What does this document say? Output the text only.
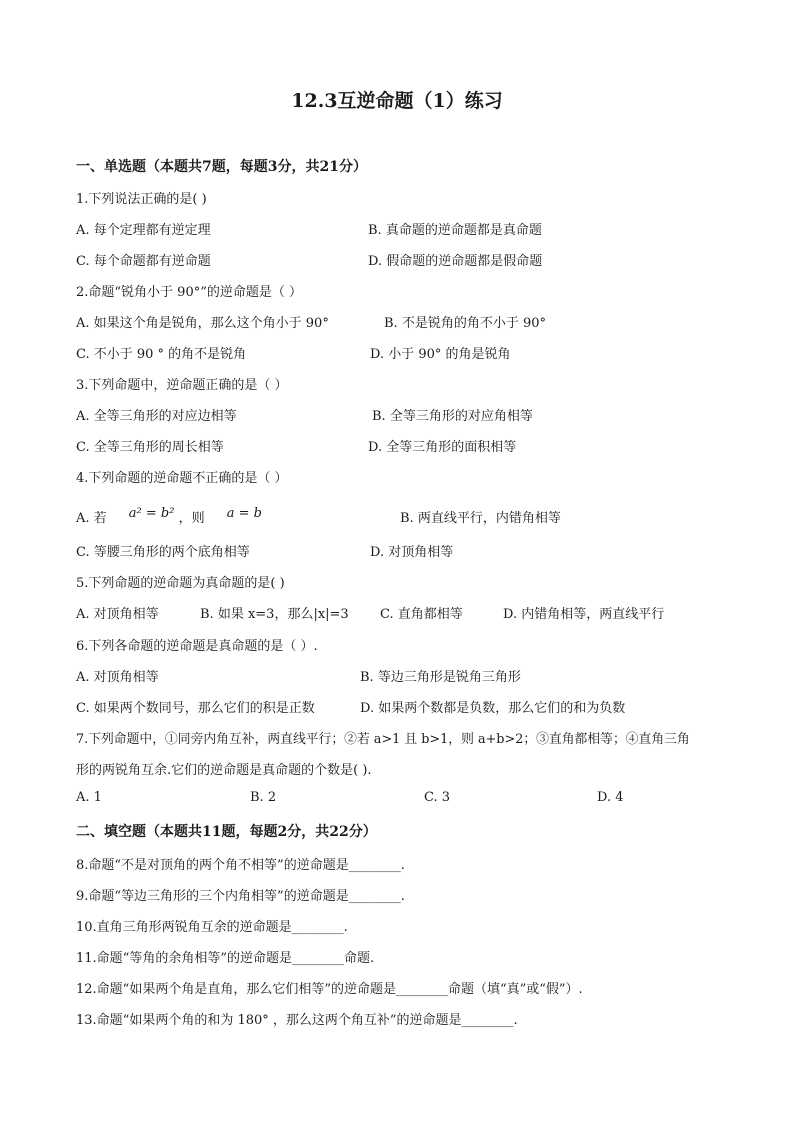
12.3互逆命题（1）练习
一、单选题（本题共7题，每题3分，共21分）
1.下列说法正确的是( )
A. 每个定理都有逆定理	B. 真命题的逆命题都是真命题
C. 每个命题都有逆命题	D. 假命题的逆命题都是假命题
2.命题“锐角小于 90°”的逆命题是（ ）
A. 如果这个角是锐角，那么这个角小于 90°	B. 不是锐角的角不小于 90°
C. 不小于 90 ° 的角不是锐角	D. 小于 90° 的角是锐角
3.下列命题中，逆命题正确的是（ ）
A. 全等三角形的对应边相等	B. 全等三角形的对应角相等
C. 全等三角形的周长相等	D. 全等三角形的面积相等
4.下列命题的逆命题不正确的是（ ）
A. 若 a² = b² ，则 a = b	B. 两直线平行，内错角相等
C. 等腰三角形的两个底角相等	D. 对顶角相等
5.下列命题的逆命题为真命题的是( )
A. 对顶角相等	B. 如果 x=3，那么|x|=3 C. 直角都相等	D. 内错角相等，两直线平行
6.下列各命题的逆命题是真命题的是（ ）.
A. 对顶角相等	B. 等边三角形是锐角三角形
C. 如果两个数同号，那么它们的积是正数	D. 如果两个数都是负数，那么它们的和为负数
7.下列命题中，①同旁内角互补，两直线平行；②若 a>1 且 b>1，则 a+b>2；③直角都相等；④直角三角
形的两锐角互余.它们的逆命题是真命题的个数是( ).
A. 1	B. 2	C. 3	D. 4
二、填空题（本题共11题，每题2分，共22分）
8.命题“不是对顶角的两个角不相等”的逆命题是________.
9.命题“等边三角形的三个内角相等”的逆命题是________.
10.直角三角形两锐角互余的逆命题是________.
11.命题“等角的余角相等”的逆命题是________命题.
12.命题“如果两个角是直角，那么它们相等”的逆命题是________命题（填“真”或“假”）.
13.命题“如果两个角的和为 180° ，那么这两个角互补”的逆命题是________.
